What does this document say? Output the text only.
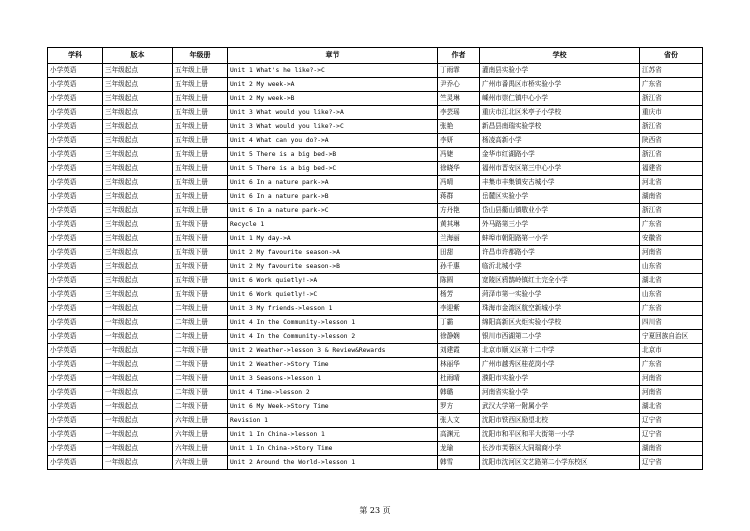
学科	版本	年级册	章节	作者	学校	省份
小学英语	三年级起点	五年级上册	Unit 1 What's he like?->C	丁雨霏	灌南县实验小学	江苏省
小学英语	三年级起点	五年级上册	Unit 2 My week->A	尹乔心	广州市番禺区市桥实验小学	广东省
小学英语	三年级起点	五年级上册	Unit 2 My week->B	竺灵琳	嵊州市崇仁镇中心小学	浙江省
小学英语	三年级起点	五年级上册	Unit 3 What would you like?->A	李芸瑶	重庆市江北区米亭子小学校	重庆市
小学英语	三年级起点	五年级上册	Unit 3 What would you like?->C	张艳	新昌县南瑞实验学校	浙江省
小学英语	三年级起点	五年级上册	Unit 4 What can you do?->A	李妍	杨凌高新小学	陕西省
小学英语	三年级起点	五年级上册	Unit 5 There is a big bed->B	冯婕	金华市红湖路小学	浙江省
小学英语	三年级起点	五年级上册	Unit 5 There is a big bed->C	徐晓华	福州市晋安区第三中心小学	福建省
小学英语	三年级起点	五年级上册	Unit 6 In a nature park->A	冯晴	丰集市丰集镇安古城小学	河北省
小学英语	三年级起点	五年级上册	Unit 6 In a nature park->B	蒋群	岳麓区实验小学	湖南省
小学英语	三年级起点	五年级上册	Unit 6 In a nature park->C	方丹艳	岱山县衢山镇敬业小学	浙江省
小学英语	三年级起点	五年级下册	Recycle 1	黄其琳	外马路第三小学	广东省
小学英语	三年级起点	五年级下册	Unit 1 My day->A	兰海丽	蚌埠市朝阳路第一小学	安徽省
小学英语	三年级起点	五年级下册	Unit 2 My favourite season->A	田甜	许昌市许都路小学	河南省
小学英语	三年级起点	五年级下册	Unit 2 My favourite season->B	孙千惠	临沂北城小学	山东省
小学英语	三年级起点	五年级下册	Unit 6 Work quietly!->A	陈圆	宽陵区鸦鹊岭镇红土完全小学	湖北省
小学英语	三年级起点	五年级下册	Unit 6 Work quietly!->C	杨芳	菏泽市第一实验小学	山东省
小学英语	一年级起点	二年级上册	Unit 3 My friends->lesson 1	李迎紫	珠海市金湾区航空新城小学	广东省
小学英语	一年级起点	二年级上册	Unit 4 In the Community->lesson 1	丁霸	绵阳高新区火炬实验小学校	四川省
小学英语	一年级起点	二年级上册	Unit 4 In the Community->lesson 2	徐静娴	银川市西湖第二小学	宁夏回族自治区
小学英语	一年级起点	二年级下册	Unit 2 Weather->lesson 3 & Review&Rewards	刘建霞	北京市顺义区第十二中学	北京市
小学英语	一年级起点	二年级下册	Unit 2 Weather->Story Time	林丽华	广州市越秀区桂花岗小学	广东省
小学英语	一年级起点	二年级下册	Unit 3 Seasons->lesson 1	杜雨晴	濮阳市实验小学	河南省
小学英语	一年级起点	二年级下册	Unit 4 Time->lesson 2	韩璐	河南省实验小学	河南省
小学英语	一年级起点	二年级下册	Unit 6 My Week->Story Time	罗方	武汉大学第一附属小学	湖北省
小学英语	一年级起点	六年级上册	Revision 1	张人文	沈阳市铁西区励望北校	辽宁省
小学英语	一年级起点	六年级上册	Unit 1 In China->lesson 1	高渊元	沈阳市和平区和平大街第一小学	辽宁省
小学英语	一年级起点	六年级上册	Unit 1 In China->Story Time	龙瑜	长沙市芙蓉区大同瑞商小学	湖南省
小学英语	一年级起点	六年级上册	Unit 2 Around the World->lesson 1	韩雪	沈阳市沈河区文艺路第二小学东校区	辽宁省
第 23 页
